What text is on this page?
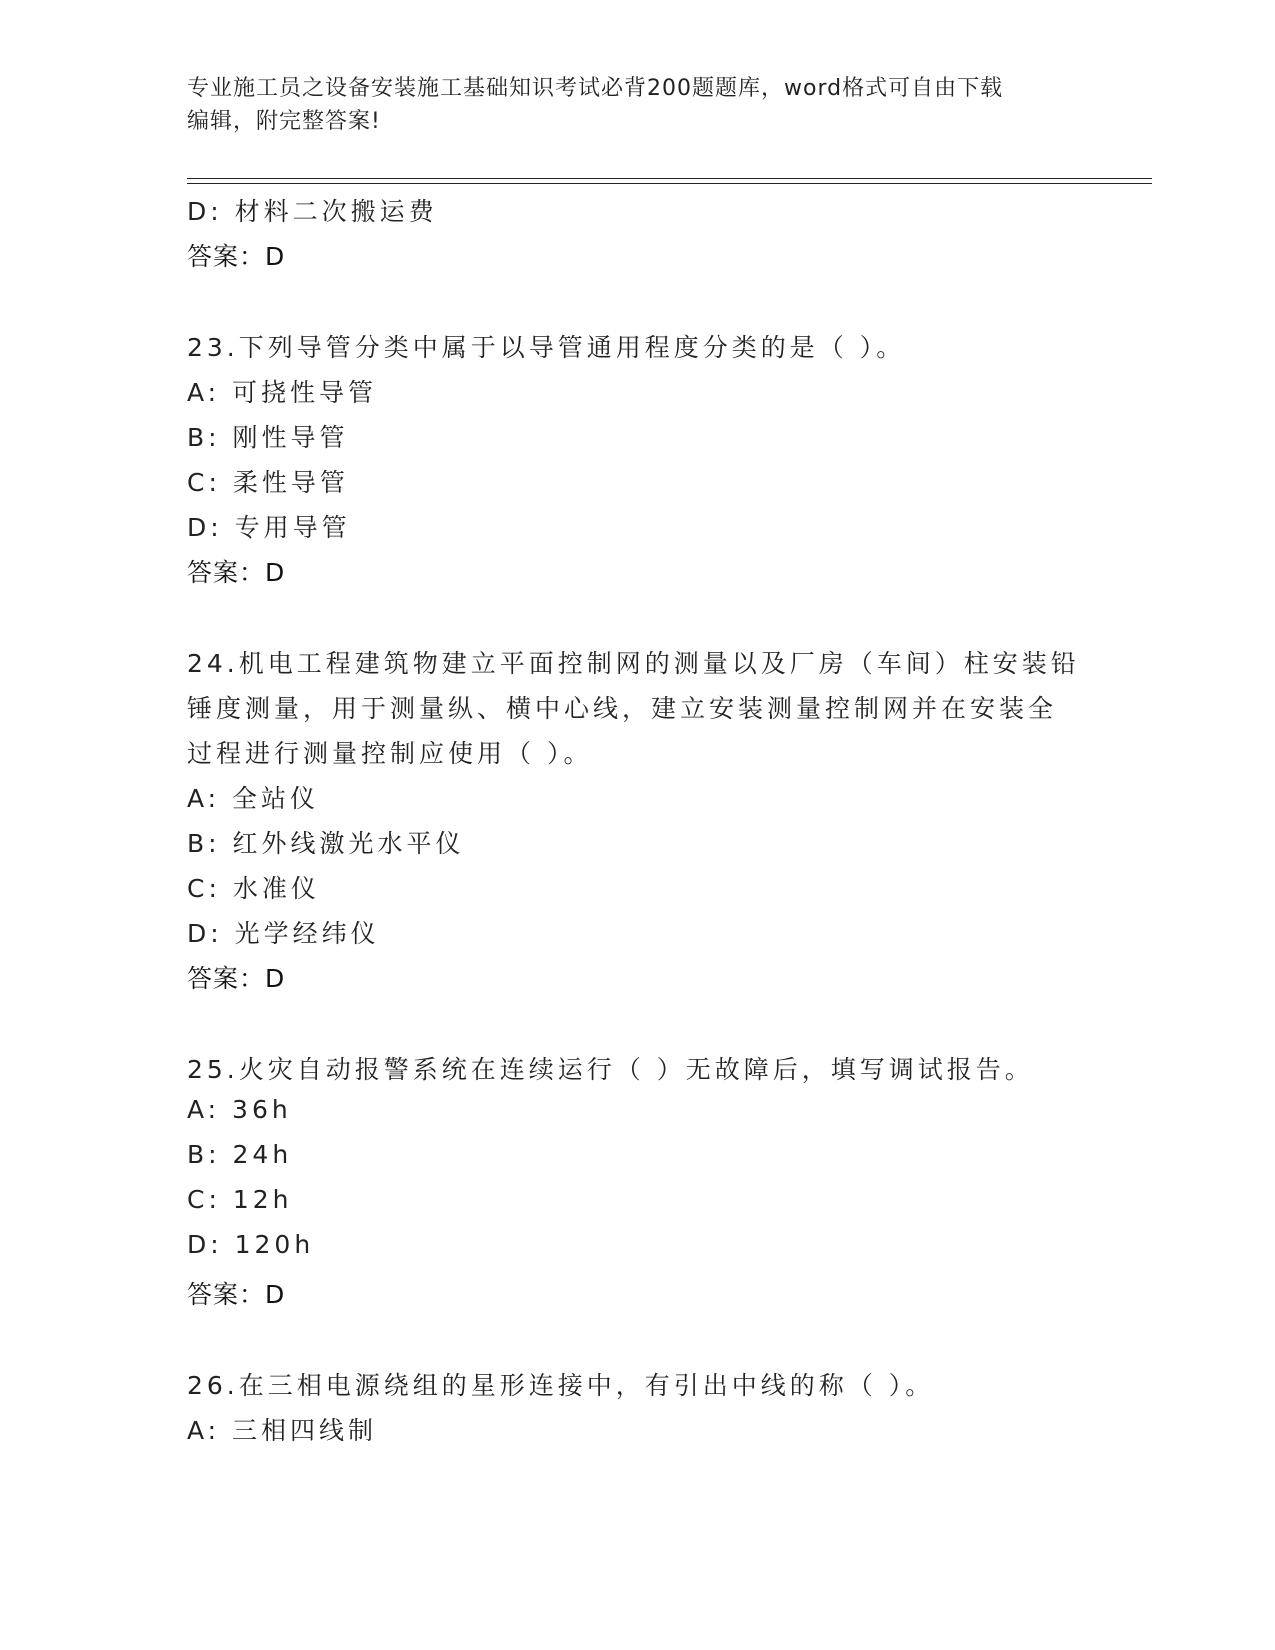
专业施工员之设备安装施工基础知识考试必背200题题库，word格式可自由下载
编辑，附完整答案!
D: 材料二次搬运费
答案：D
23.下列导管分类中属于以导管通用程度分类的是（ ）。
A: 可挠性导管
B: 刚性导管
C: 柔性导管
D: 专用导管
答案：D
24.机电工程建筑物建立平面控制网的测量以及厂房（车间）柱安装铅
锤度测量，用于测量纵、横中心线，建立安装测量控制网并在安装全
过程进行测量控制应使用（ ）。
A: 全站仪
B: 红外线激光水平仪
C: 水准仪
D: 光学经纬仪
答案：D
25.火灾自动报警系统在连续运行（ ）无故障后，填写调试报告。
A: 36h
B: 24h
C: 12h
D: 120h
答案：D
26.在三相电源绕组的星形连接中，有引出中线的称（ ）。
A: 三相四线制
